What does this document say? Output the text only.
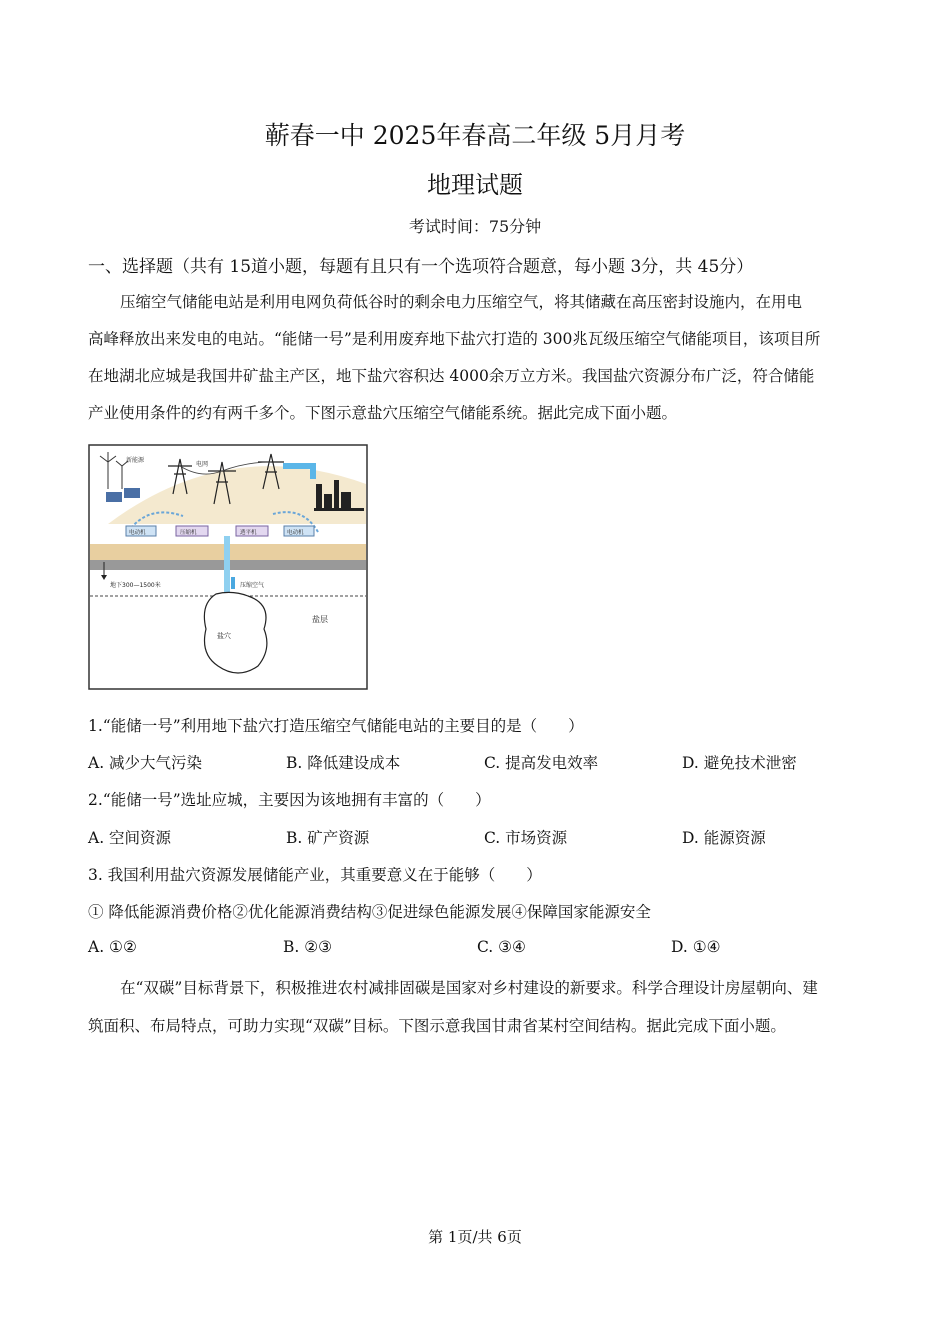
蕲春一中 2025年春高二年级 5月月考
地理试题
考试时间：75分钟
一、选择题（共有 15道小题，每题有且只有一个选项符合题意，每小题 3分，共 45分）
压缩空气储能电站是利用电网负荷低谷时的剩余电力压缩空气，将其储藏在高压密封设施内，在用电
高峰释放出来发电的电站。“能储一号”是利用废弃地下盐穴打造的 300兆瓦级压缩空气储能项目，该项目所
在地湖北应城是我国井矿盐主产区，地下盐穴容积达 4000余万立方米。我国盐穴资源分布广泛，符合储能
产业使用条件的约有两千多个。下图示意盐穴压缩空气储能系统。据此完成下面小题。
新能源
电网
电动机	压缩机	透平机	电动机
地下300—1500米	压缩空气
盐穴
盐层
1.“能储一号”利用地下盐穴打造压缩空气储能电站的主要目的是（　　）
A. 减少大气污染	B. 降低建设成本	C. 提高发电效率	D. 避免技术泄密
2.“能储一号”选址应城，主要因为该地拥有丰富的（　　）
A. 空间资源	B. 矿产资源	C. 市场资源	D. 能源资源
3. 我国利用盐穴资源发展储能产业，其重要意义在于能够（　　）
① 降低能源消费价格②优化能源消费结构③促进绿色能源发展④保障国家能源安全
A. ①②	B. ②③	C. ③④	D. ①④
在“双碳”目标背景下，积极推进农村减排固碳是国家对乡村建设的新要求。科学合理设计房屋朝向、建
筑面积、布局特点，可助力实现“双碳”目标。下图示意我国甘肃省某村空间结构。据此完成下面小题。
第 1页/共 6页
